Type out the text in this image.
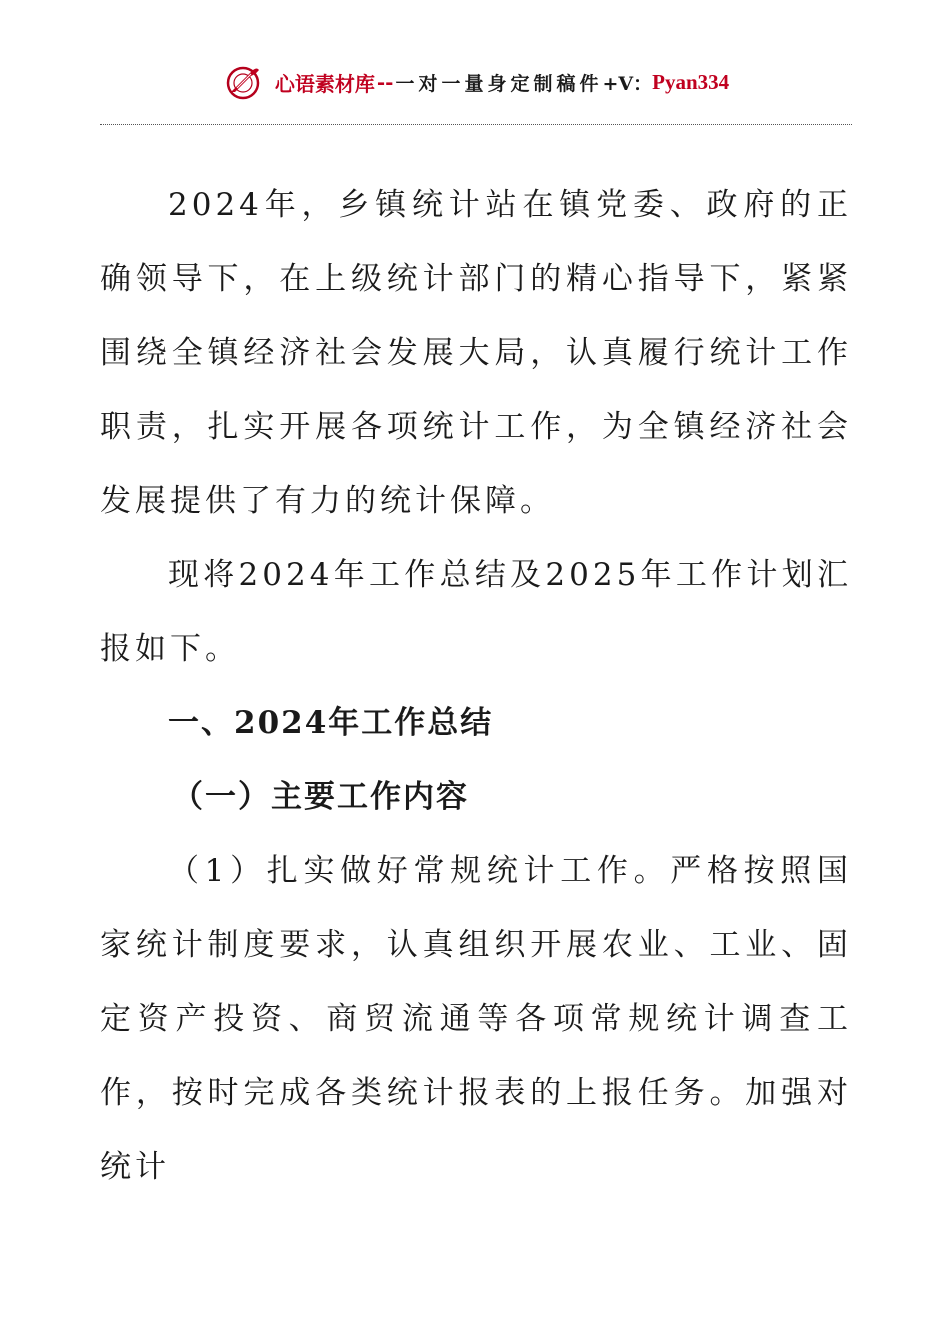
心语素材库 -- 一对一量身定制稿件 +V： Pyan334

2024年，乡镇统计站在镇党委、政府的正确领导下，在上级统计部门的精心指导下，紧紧围绕全镇经济社会发展大局，认真履行统计工作职责，扎实开展各项统计工作，为全镇经济社会发展提供了有力的统计保障。

现将2024年工作总结及2025年工作计划汇报如下。

一、2024年工作总结
（一）主要工作内容

（1）扎实做好常规统计工作。严格按照国家统计制度要求，认真组织开展农业、工业、固定资产投资、商贸流通等各项常规统计调查工作，按时完成各类统计报表的上报任务。加强对统计
